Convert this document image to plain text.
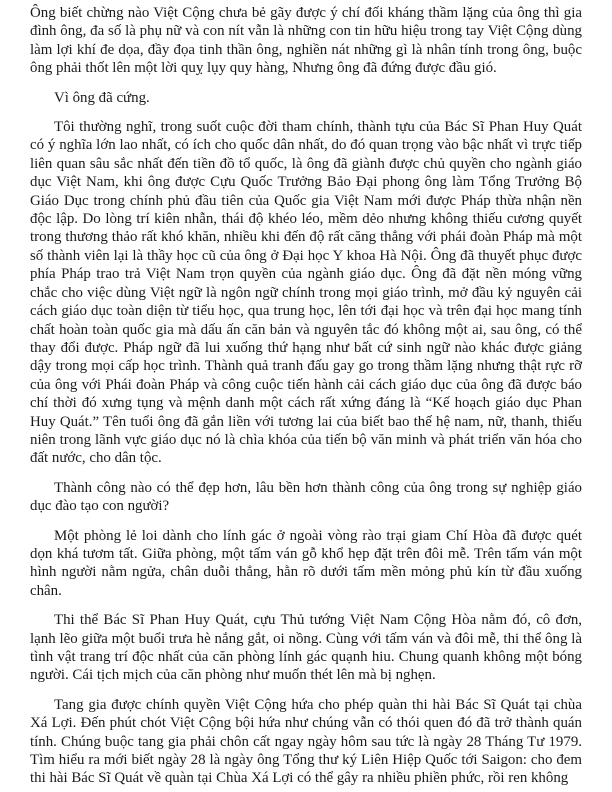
Ông biết chừng nào Việt Cộng chưa bẻ gãy được ý chí đối kháng thầm lặng của ông thì gia đình ông, đa số là phụ nữ và con nít vẫn là những con tin hữu hiệu trong tay Việt Cộng dùng làm lợi khí đe dọa, đầy đọa tinh thần ông, nghiền nát những gì là nhân tính trong ông, buộc ông phải thốt lên một lời quỵ lụy quy hàng, Nhưng ông đã đứng được đầu gió.

Vì ông đã cứng.

Tôi thường nghĩ, trong suốt cuộc đời tham chính, thành tựu của Bác Sĩ Phan Huy Quát có ý nghĩa lớn lao nhất, có ích cho quốc dân nhất, do đó quan trọng vào bậc nhất vì trực tiếp liên quan sâu sắc nhất đến tiền đồ tổ quốc, là ông đã giành được chủ quyền cho ngành giáo dục Việt Nam, khi ông được Cựu Quốc Trưởng Bảo Đại phong ông làm Tổng Trưởng Bộ Giáo Dục trong chính phủ đầu tiên của Quốc gia Việt Nam mới được Pháp thừa nhận nền độc lập. Do lòng trí kiên nhẫn, thái độ khéo léo, mềm dẻo nhưng không thiếu cương quyết trong thương thảo rất khó khăn, nhiều khi đến độ rất căng thẳng với phái đoàn Pháp mà một số thành viên lại là thầy học cũ của ông ở Đại học Y khoa Hà Nội. Ông đã thuyết phục được phía Pháp trao trả Việt Nam trọn quyền của ngành giáo dục. Ông đã đặt nền móng vững chắc cho việc dùng Việt ngữ là ngôn ngữ chính trong mọi giáo trình, mở đầu kỷ nguyên cải cách giáo dục toàn diện từ tiểu học, qua trung học, lên tới đại học và trên đại học mang tính chất hoàn toàn quốc gia mà dấu ấn căn bản và nguyên tắc đó không một ai, sau ông, có thể thay đổi được. Pháp ngữ đã lui xuống thứ hạng như bất cứ sinh ngữ nào khác được giảng dậy trong mọi cấp học trình. Thành quả tranh đấu gay go trong thầm lặng nhưng thật rực rỡ của ông với Phái đoàn Pháp và công cuộc tiến hành cải cách giáo dục của ông đã được báo chí thời đó xưng tụng và mệnh danh một cách rất xứng đáng là “Kế hoạch giáo dục Phan Huy Quát.” Tên tuổi ông đã gắn liền với tương lai của biết bao thế hệ nam, nữ, thanh, thiếu niên trong lãnh vực giáo dục nó là chìa khóa của tiến bộ văn minh và phát triển văn hóa cho đất nước, cho dân tộc.

Thành công nào có thể đẹp hơn, lâu bền hơn thành công của ông trong sự nghiệp giáo dục đào tạo con người?

Một phòng lẻ loi dành cho lính gác ở ngoài vòng rào trại giam Chí Hòa đã được quét dọn khá tươm tất. Giữa phòng, một tấm ván gỗ khổ hẹp đặt trên đôi mễ. Trên tấm ván một hình người nằm ngửa, chân duỗi thẳng, hằn rõ dưới tấm mền mỏng phủ kín từ đầu xuống chân.

Thi thể Bác Sĩ Phan Huy Quát, cựu Thủ tướng Việt Nam Cộng Hòa nằm đó, cô đơn, lạnh lẽo giữa một buổi trưa hè nắng gắt, oi nồng. Cùng với tấm ván và đôi mễ, thi thể ông là tình vật trang trí độc nhất của căn phòng lính gác quạnh hiu. Chung quanh không một bóng người. Cái tịch mịch của căn phòng như muốn thét lên mà bị nghẹn.

Tang gia được chính quyền Việt Cộng hứa cho phép quàn thi hài Bác Sĩ Quát tại chùa Xá Lợi. Đến phút chót Việt Cộng bội hứa như chúng vẫn có thói quen đó đã trở thành quán tính. Chúng buộc tang gia phải chôn cất ngay ngày hôm sau tức là ngày 28 Tháng Tư 1979. Tìm hiểu ra mới biết ngày 28 là ngày ông Tổng thư ký Liên Hiệp Quốc tới Saigon: cho đem thi hài Bác Sĩ Quát về quàn tại Chùa Xá Lợi có thể gây ra nhiều phiền phức, rồi ren không
